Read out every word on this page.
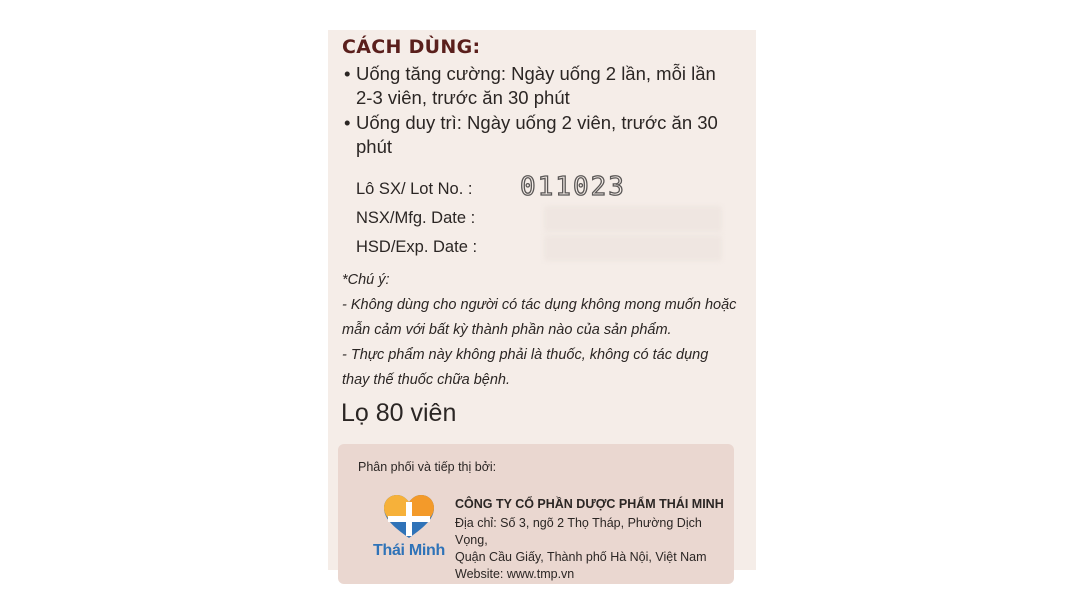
CÁCH DÙNG:
• Uống tăng cường: Ngày uống 2 lần, mỗi lần
2-3 viên, trước ăn 30 phút
• Uống duy trì: Ngày uống 2 viên, trước ăn 30
phút
Lô SX/ Lot No. : 011023
NSX/Mfg. Date :
HSD/Exp. Date :
*Chú ý:
- Không dùng cho người có tác dụng không mong muốn hoặc
mẫn cảm với bất kỳ thành phần nào của sản phẩm.
- Thực phẩm này không phải là thuốc, không có tác dụng
thay thế thuốc chữa bệnh.
Lọ 80 viên
Phân phối và tiếp thị bởi:
Thái Minh
CÔNG TY CỔ PHẦN DƯỢC PHẨM THÁI MINH
Địa chỉ: Số 3, ngõ 2 Thọ Tháp, Phường Dịch Vọng,
Quận Cầu Giấy, Thành phố Hà Nội, Việt Nam
Website: www.tmp.vn
